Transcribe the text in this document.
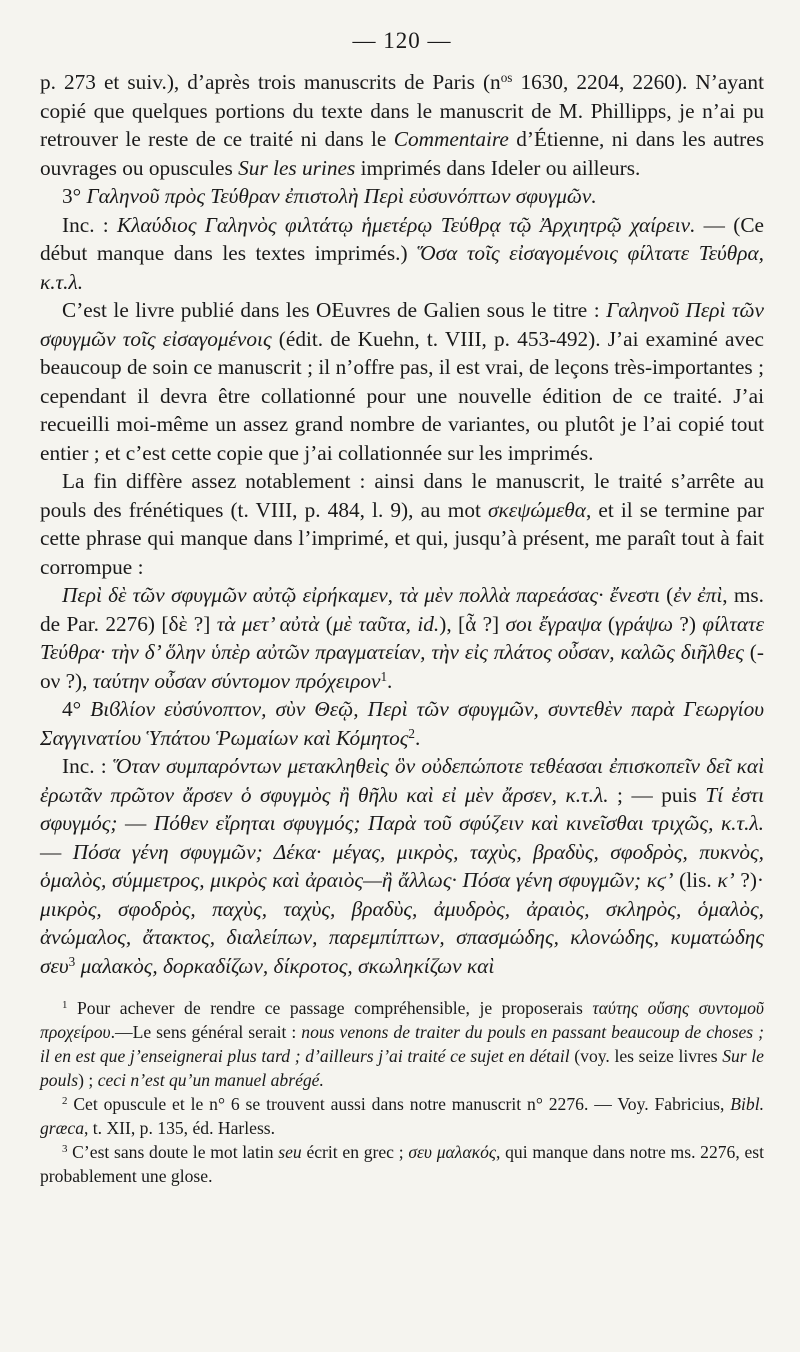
— 120 —

p. 273 et suiv.), d’après trois manuscrits de Paris ($n^{os}$ 1630, 2204, 2260). N’ayant copié que quelques portions du texte dans le manuscrit de M. Phillipps, je n’ai pu retrouver le reste de ce traité ni dans le Commentaire d’Étienne, ni dans les autres ouvrages ou opuscules Sur les urines imprimés dans Ideler ou ailleurs.

3° Γαληνοῦ πρὸς Τεύθραν ἐπιστολὴ Περὶ εὐσυνόπτων σφυγμῶν.

Inc. : Κλαύδιος Γαληνὸς φιλτάτῳ ἡμετέρῳ Τεύθρᾳ τῷ Ἀρχιητρῷ χαίρειν. — (Ce début manque dans les textes imprimés.) Ὅσα τοῖς εἰσαγομένοις φίλτατε Τεύθρα, κ.τ.λ.

C’est le livre publié dans les OEuvres de Galien sous le titre : Γαληνοῦ Περὶ τῶν σφυγμῶν τοῖς εἰσαγομένοις (édit. de Kuehn, t. VIII, p. 453-492). J’ai examiné avec beaucoup de soin ce manuscrit ; il n’offre pas, il est vrai, de leçons très-importantes ; cependant il devra être collationné pour une nouvelle édition de ce traité. J’ai recueilli moi-même un assez grand nombre de variantes, ou plutôt je l’ai copié tout entier ; et c’est cette copie que j’ai collationnée sur les imprimés.

La fin diffère assez notablement : ainsi dans le manuscrit, le traité s’arrête au pouls des frénétiques (t. VIII, p. 484, l. 9), au mot σκεψώμεθα, et il se termine par cette phrase qui manque dans l’imprimé, et qui, jusqu’à présent, me paraît tout à fait corrompue :

Περὶ δὲ τῶν σφυγμῶν αὐτῷ εἰρήκαμεν, τὰ μὲν πολλὰ παρεάσας· ἔνεστι (ἐν ἐπὶ, ms. de Par. 2276) [δὲ ?] τὰ μετ’ αὐτὰ (μὲ ταῦτα, id.), [ἆ ?] σοι ἔγραψα (γράψω ?) φίλτατε Τεύθρα· τὴν δ’ ὅλην ὑπὲρ αὐτῶν πραγματείαν, τὴν εἰς πλάτος οὖσαν, καλῶς διῆλθες (-ον ?), ταύτην οὖσαν σύντομον πρόχειρον$^1$.

4° Βιϐλίον εὐσύνοπτον, σὺν Θεῷ, Περὶ τῶν σφυγμῶν, συντεθὲν παρὰ Γεωργίου Σαγγινατίου Ὑπάτου Ῥωμαίων καὶ Κόμητος$^2$.

Inc. : Ὅταν συμπαρόντων μετακληθεὶς ὃν οὐδεπώποτε τεθέασαι ἐπισκοπεῖν δεῖ καὶ ἐρωτᾶν πρῶτον ἄρσεν ὁ σφυγμὸς ἢ θῆλυ καὶ εἰ μὲν ἄρσεν, κ.τ.λ. ; — puis Τί ἐστι σφυγμός; — Πόθεν εἴρηται σφυγμός; Παρὰ τοῦ σφύζειν καὶ κινεῖσθαι τριχῶς, κ.τ.λ. — Πόσα γένη σφυγμῶν; Δέκα· μέγας, μικρὸς, ταχὺς, βραδὺς, σφοδρὸς, πυκνὸς, ὁμαλὸς, σύμμετρος, μικρὸς καὶ ἀραιὸς—ἢ ἄλλως· Πόσα γένη σφυγμῶν; κϛ’ (lis. κ’ ?)· μικρὸς, σφοδρὸς, παχὺς, ταχὺς, βραδὺς, ἀμυδρὸς, ἀραιὸς, σκληρὸς, ὁμαλὸς, ἀνώμαλος, ἄτακτος, διαλείπων, παρεμπίπτων, σπασμώδης, κλονώδης, κυματώδης σευ$^3$ μαλακὸς, δορκαδίζων, δίκροτος, σκωληκίζων καὶ

$^1$ Pour achever de rendre ce passage compréhensible, je proposerais ταύτης οὔσης συντομοῦ προχείρου.—Le sens général serait : nous venons de traiter du pouls en passant beaucoup de choses ; il en est que j’enseignerai plus tard ; d’ailleurs j’ai traité ce sujet en détail (voy. les seize livres Sur le pouls) ; ceci n’est qu’un manuel abrégé.

$^2$ Cet opuscule et le n° 6 se trouvent aussi dans notre manuscrit n° 2276. — Voy. Fabricius, Bibl. græca, t. XII, p. 135, éd. Harless.

$^3$ C’est sans doute le mot latin seu écrit en grec ; σευ μαλακός, qui manque dans notre ms. 2276, est probablement une glose.
